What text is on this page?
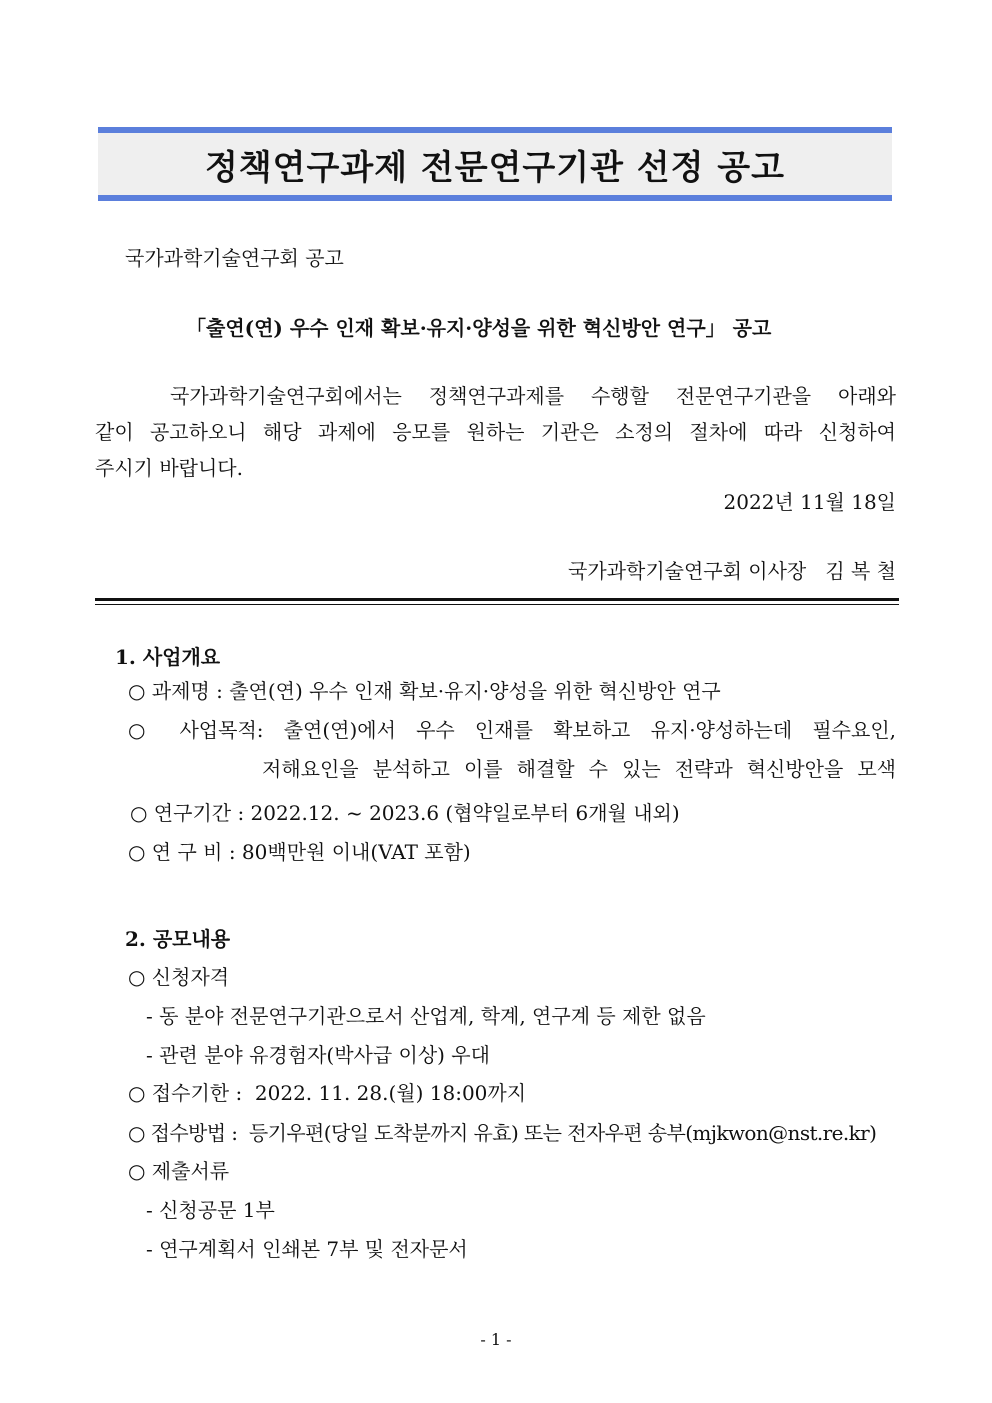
정책연구과제 전문연구기관 선정 공고
국가과학기술연구회 공고
「출연(연) 우수 인재 확보·유지·양성을 위한 혁신방안 연구」 공고
국가과학기술연구회에서는 정책연구과제를 수행할 전문연구기관을 아래와
같이 공고하오니 해당 과제에 응모를 원하는 기관은 소정의 절차에 따라 신청하여
주시기 바랍니다.
2022년 11월 18일
국가과학기술연구회 이사장   김 복 철
1. 사업개요
○ 과제명 : 출연(연) 우수 인재 확보·유지·양성을 위한 혁신방안 연구
○ 사업목적: 출연(연)에서 우수 인재를 확보하고 유지·양성하는데 필수요인,
저해요인을 분석하고 이를 해결할 수 있는 전략과 혁신방안을 모색
○ 연구기간 : 2022.12. ~ 2023.6 (협약일로부터 6개월 내외)
○ 연 구 비 : 80백만원 이내(VAT 포함)
2. 공모내용
○ 신청자격
- 동 분야 전문연구기관으로서 산업계, 학계, 연구계 등 제한 없음
- 관련 분야 유경험자(박사급 이상) 우대
○ 접수기한 :  2022. 11. 28.(월) 18:00까지
○ 접수방법 :  등기우편(당일 도착분까지 유효) 또는 전자우편 송부(mjkwon@nst.re.kr)
○ 제출서류
- 신청공문 1부
- 연구계획서 인쇄본 7부 및 전자문서
- 1 -
